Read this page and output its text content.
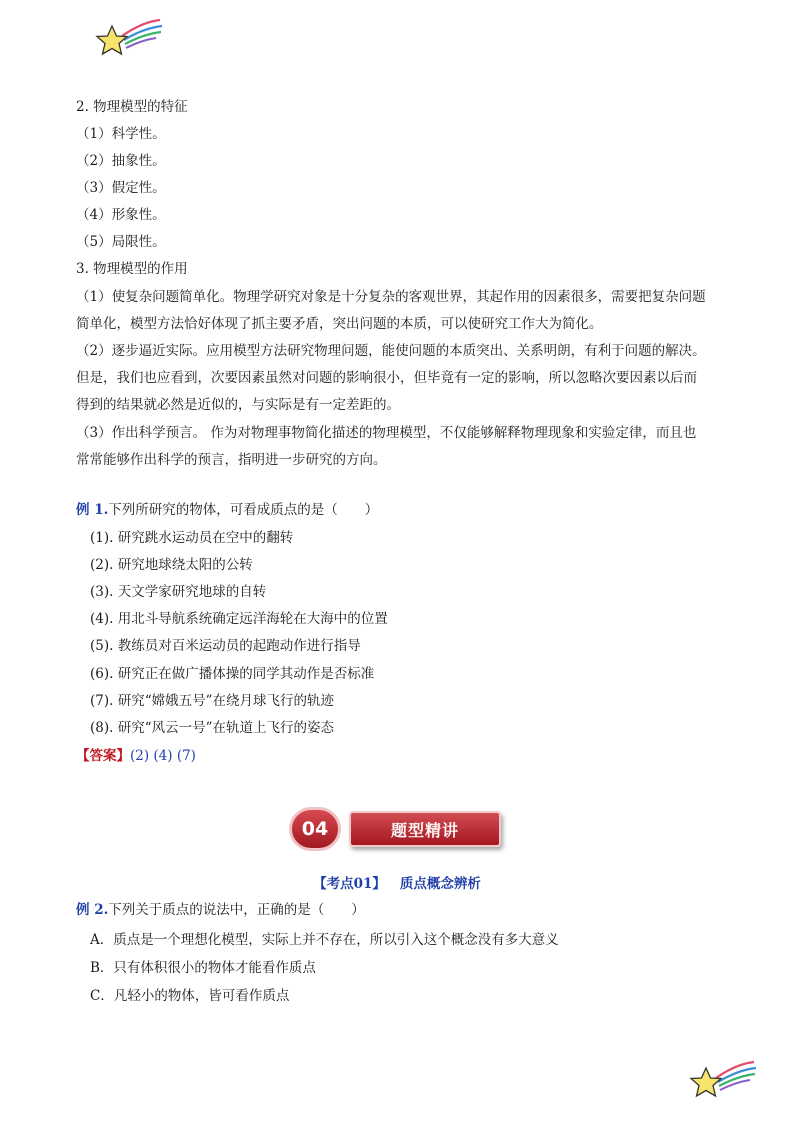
2. 物理模型的特征
（1）科学性。
（2）抽象性。
（3）假定性。
（4）形象性。
（5）局限性。
3. 物理模型的作用
（1）使复杂问题简单化。物理学研究对象是十分复杂的客观世界，其起作用的因素很多，需要把复杂问题
简单化，模型方法恰好体现了抓主要矛盾，突出问题的本质，可以使研究工作大为简化。
（2）逐步逼近实际。应用模型方法研究物理问题，能使问题的本质突出、关系明朗，有利于问题的解决。
但是，我们也应看到，次要因素虽然对问题的影响很小，但毕竟有一定的影响，所以忽略次要因素以后而
得到的结果就必然是近似的，与实际是有一定差距的。
（3）作出科学预言。 作为对物理事物简化描述的物理模型，不仅能够解释物理现象和实验定律，而且也
常常能够作出科学的预言，指明进一步研究的方向。
例 1.下列所研究的物体，可看成质点的是（　　）
(1). 研究跳水运动员在空中的翻转
(2). 研究地球绕太阳的公转
(3). 天文学家研究地球的自转
(4). 用北斗导航系统确定远洋海轮在大海中的位置
(5). 教练员对百米运动员的起跑动作进行指导
(6). 研究正在做广播体操的同学其动作是否标准
(7). 研究“嫦娥五号”在绕月球飞行的轨迹
(8). 研究“风云一号”在轨道上飞行的姿态
【答案】(2) (4) (7)
04	题型精讲
【考点01】 质点概念辨析
例 2.下列关于质点的说法中，正确的是（　　）
A．质点是一个理想化模型，实际上并不存在，所以引入这个概念没有多大意义
B．只有体积很小的物体才能看作质点
C．凡轻小的物体，皆可看作质点
